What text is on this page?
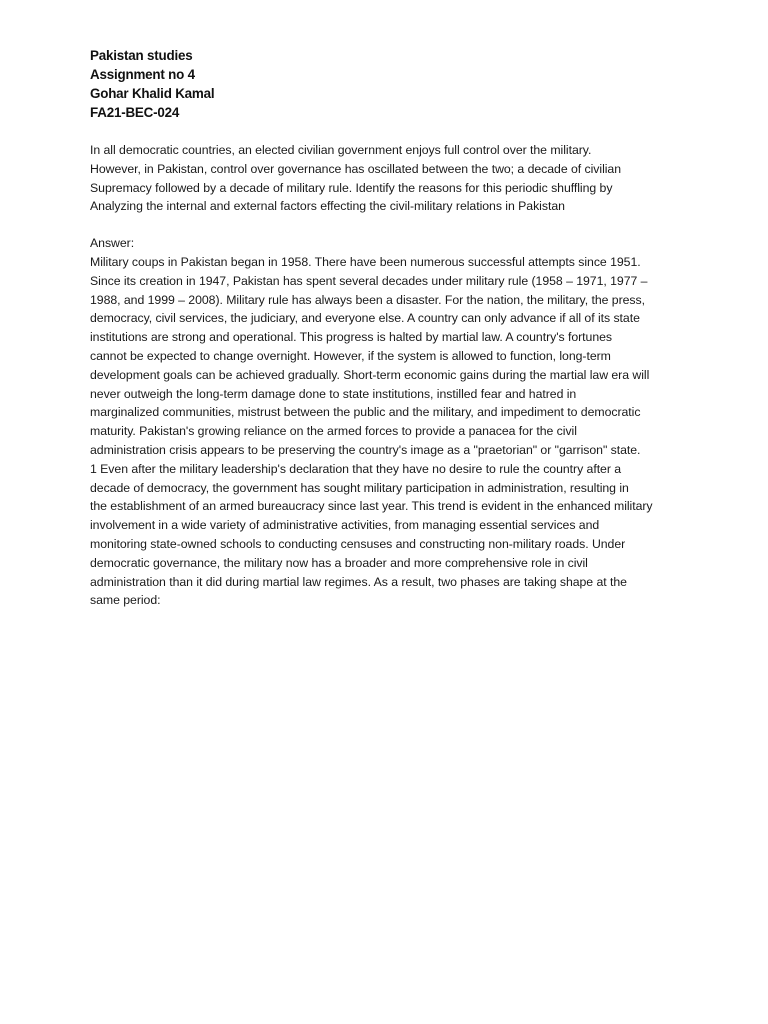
Pakistan studies
Assignment no 4
Gohar Khalid Kamal
FA21-BEC-024
In all democratic countries, an elected civilian government enjoys full control over the military.
However, in Pakistan, control over governance has oscillated between the two; a decade of civilian
Supremacy followed by a decade of military rule. Identify the reasons for this periodic shuffling by
Analyzing the internal and external factors effecting the civil-military relations in Pakistan
Answer:
Military coups in Pakistan began in 1958. There have been numerous successful attempts since 1951.
Since its creation in 1947, Pakistan has spent several decades under military rule (1958 – 1971, 1977 –
1988, and 1999 – 2008). Military rule has always been a disaster. For the nation, the military, the press,
democracy, civil services, the judiciary, and everyone else. A country can only advance if all of its state
institutions are strong and operational. This progress is halted by martial law. A country's fortunes
cannot be expected to change overnight. However, if the system is allowed to function, long-term
development goals can be achieved gradually. Short-term economic gains during the martial law era will
never outweigh the long-term damage done to state institutions, instilled fear and hatred in
marginalized communities, mistrust between the public and the military, and impediment to democratic
maturity. Pakistan's growing reliance on the armed forces to provide a panacea for the civil
administration crisis appears to be preserving the country's image as a "praetorian" or "garrison" state.
1 Even after the military leadership's declaration that they have no desire to rule the country after a
decade of democracy, the government has sought military participation in administration, resulting in
the establishment of an armed bureaucracy since last year. This trend is evident in the enhanced military
involvement in a wide variety of administrative activities, from managing essential services and
monitoring state-owned schools to conducting censuses and constructing non-military roads. Under
democratic governance, the military now has a broader and more comprehensive role in civil
administration than it did during martial law regimes. As a result, two phases are taking shape at the
same period:
